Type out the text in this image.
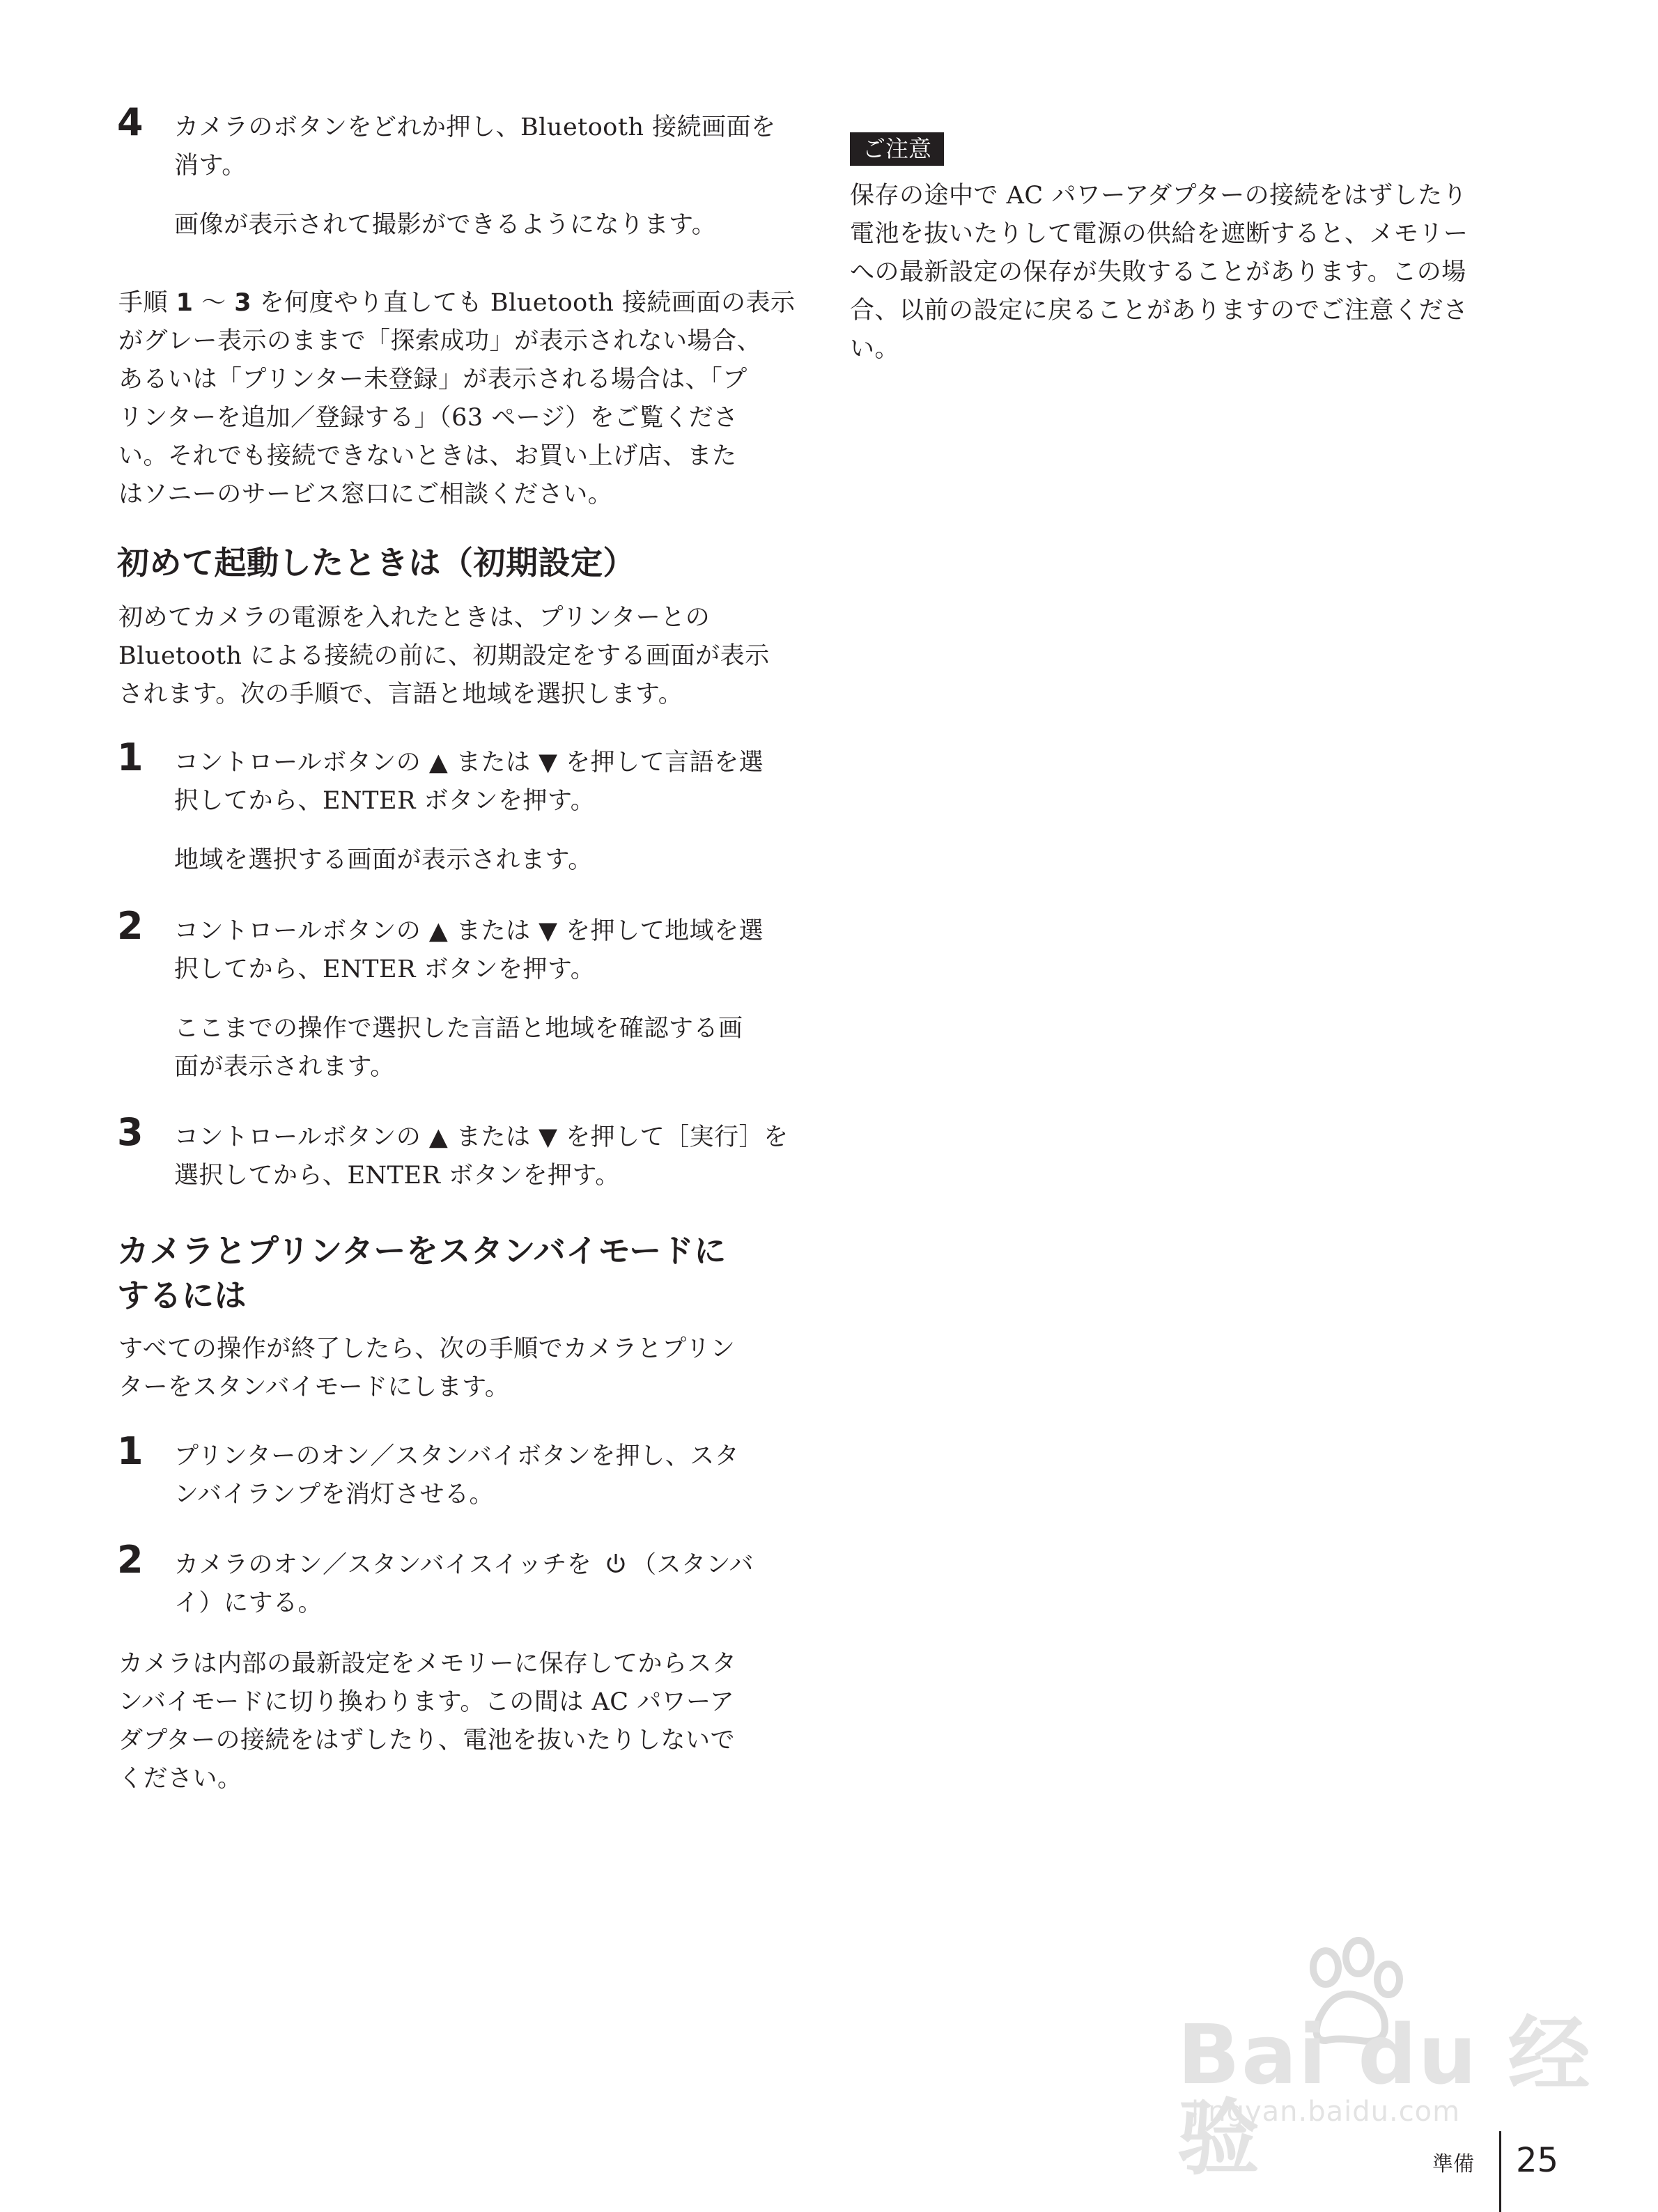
4 カメラのボタンをどれか押し、Bluetooth 接続画面を
消す。
画像が表示されて撮影ができるようになります。
手順 1 ～ 3 を何度やり直しても Bluetooth 接続画面の表示
がグレー表示のままで「探索成功」が表示されない場合、
あるいは「プリンター未登録」が表示される場合は、「プ
リンターを追加／登録する」（63 ページ）をご覧くださ
い。それでも接続できないときは、お買い上げ店、また
はソニーのサービス窓口にご相談ください。
初めて起動したときは（初期設定）
初めてカメラの電源を入れたときは、プリンターとの
Bluetooth による接続の前に、初期設定をする画面が表示
されます。次の手順で、言語と地域を選択します。
1 コントロールボタンの ▲ または ▼ を押して言語を選
択してから、ENTER ボタンを押す。
地域を選択する画面が表示されます。
2 コントロールボタンの ▲ または ▼ を押して地域を選
択してから、ENTER ボタンを押す。
ここまでの操作で選択した言語と地域を確認する画
面が表示されます。
3 コントロールボタンの ▲ または ▼ を押して［実行］を
選択してから、ENTER ボタンを押す。
カメラとプリンターをスタンバイモードに
するには
すべての操作が終了したら、次の手順でカメラとプリン
ターをスタンバイモードにします。
1 プリンターのオン／スタンバイボタンを押し、スタ
ンバイランプを消灯させる。
2 カメラのオン／スタンバイスイッチを （スタンバ
イ）にする。
カメラは内部の最新設定をメモリーに保存してからスタ
ンバイモードに切り換わります。この間は AC パワーア
ダプターの接続をはずしたり、電池を抜いたりしないで
ください。
ご注意
保存の途中で AC パワーアダプターの接続をはずしたり
電池を抜いたりして電源の供給を遮断すると、メモリー
への最新設定の保存が失敗することがあります。この場
合、以前の設定に戻ることがありますのでご注意くださ
い。
Bai du 经验
jingyan.baidu.com
準備 25
